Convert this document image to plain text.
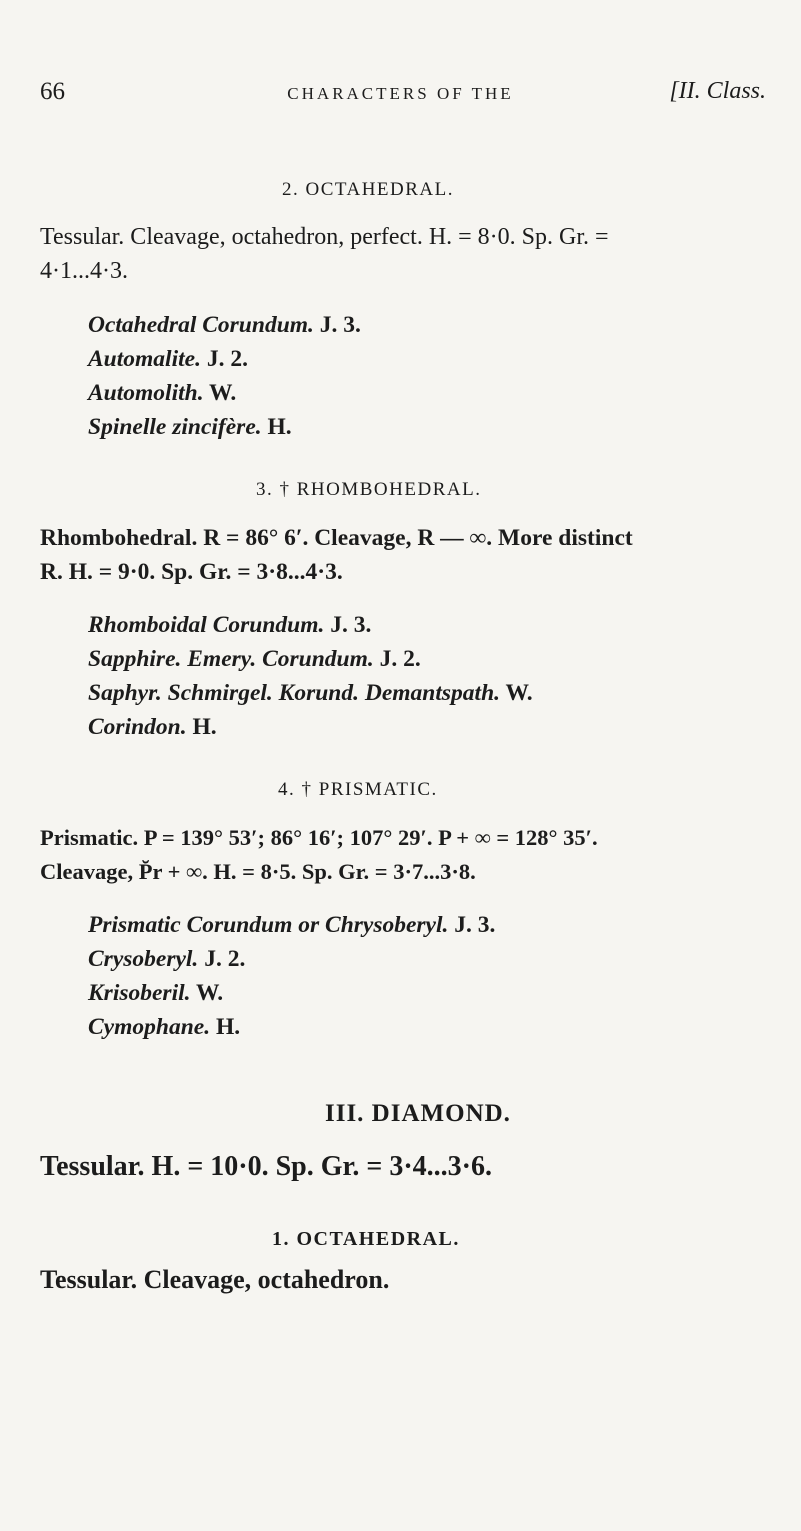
66	CHARACTERS OF THE	[II. Class.
2. OCTAHEDRAL.
Tessular. Cleavage, octahedron, perfect. H. = 8·0. Sp. Gr. =
4·1...4·3.
Octahedral Corundum. J. 3.
Automalite. J. 2.
Automolith. W.
Spinelle zincifère. H.
3. † RHOMBOHEDRAL.
Rhombohedral. R = 86° 6′. Cleavage, R — ∞. More distinct
R. H. = 9·0. Sp. Gr. = 3·8...4·3.
Rhomboidal Corundum. J. 3.
Sapphire. Emery. Corundum. J. 2.
Saphyr. Schmirgel. Korund. Demantspath. W.
Corindon. H.
4. † PRISMATIC.
Prismatic. P = 139° 53′; 86° 16′; 107° 29′. P + ∞ = 128° 35′.
Cleavage, P̆r + ∞. H. = 8·5. Sp. Gr. = 3·7...3·8.
Prismatic Corundum or Chrysoberyl. J. 3.
Crysoberyl. J. 2.
Krisoberil. W.
Cymophane. H.
III. DIAMOND.
Tessular. H. = 10·0. Sp. Gr. = 3·4...3·6.
1. OCTAHEDRAL.
Tessular. Cleavage, octahedron.
